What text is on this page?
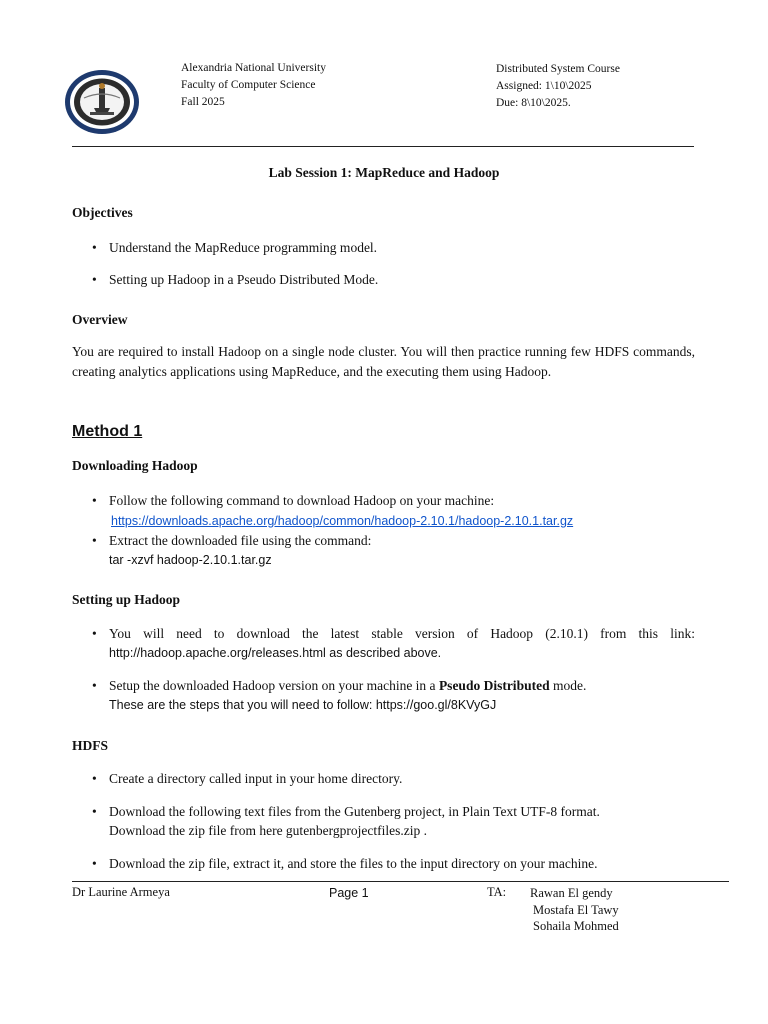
Alexandria National University
Faculty of Computer Science
Fall 2025
Distributed System Course
Assigned: 1\10\2025
Due: 8\10\2025.
Lab Session 1: MapReduce and Hadoop
Objectives
• Understand the MapReduce programming model.
• Setting up Hadoop in a Pseudo Distributed Mode.
Overview
You are required to install Hadoop on a single node cluster. You will then practice running few HDFS commands, creating analytics applications using MapReduce, and the executing them using Hadoop.
Method 1
Downloading Hadoop
• Follow the following command to download Hadoop on your machine:
https://downloads.apache.org/hadoop/common/hadoop-2.10.1/hadoop-2.10.1.tar.gz
• Extract the downloaded file using the command:
tar -xzvf hadoop-2.10.1.tar.gz
Setting up Hadoop
• You will need to download the latest stable version of Hadoop (2.10.1) from this link:
http://hadoop.apache.org/releases.html as described above.
• Setup the downloaded Hadoop version on your machine in a Pseudo Distributed mode.
These are the steps that you will need to follow: https://goo.gl/8KVyGJ
HDFS
• Create a directory called input in your home directory.
• Download the following text files from the Gutenberg project, in Plain Text UTF-8 format.
Download the zip file from here gutenbergprojectfiles.zip .
• Download the zip file, extract it, and store the files to the input directory on your machine.
Dr Laurine Armeya	Page 1	TA: Rawan El gendy
Mostafa El Tawy
Sohaila Mohmed
